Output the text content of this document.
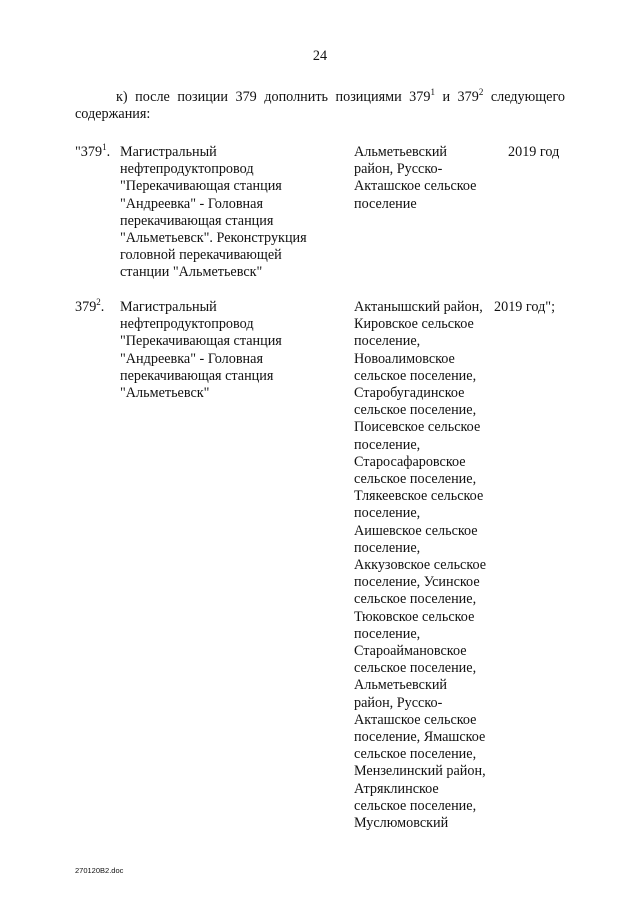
24
к) после позиции 379 дополнить позициями $379^1$ и $379^2$ следующего
содержания:
"$379^1$. Магистральный
нефтепродуктопровод
"Перекачивающая станция
"Андреевка" - Головная
перекачивающая станция
"Альметьевск". Реконструкция
головной перекачивающей
станции "Альметьевск"
Альметьевский
район, Русско-
Акташское сельское
поселение
2019 год
$379^2$. Магистральный
нефтепродуктопровод
"Перекачивающая станция
"Андреевка" - Головная
перекачивающая станция
"Альметьевск"
Актанышский район,
Кировское сельское
поселение,
Новоалимовское
сельское поселение,
Старобугадинское
сельское поселение,
Поисевское сельское
поселение,
Старосафаровское
сельское поселение,
Тлякеевское сельское
поселение,
Аишевское сельское
поселение,
Аккузовское сельское
поселение, Усинское
сельское поселение,
Тюковское сельское
поселение,
Староаймановское
сельское поселение,
Альметьевский
район, Русско-
Акташское сельское
поселение, Ямашское
сельское поселение,
Мензелинский район,
Атряклинское
сельское поселение,
Муслюмовский
2019 год";
270120B2.doc
